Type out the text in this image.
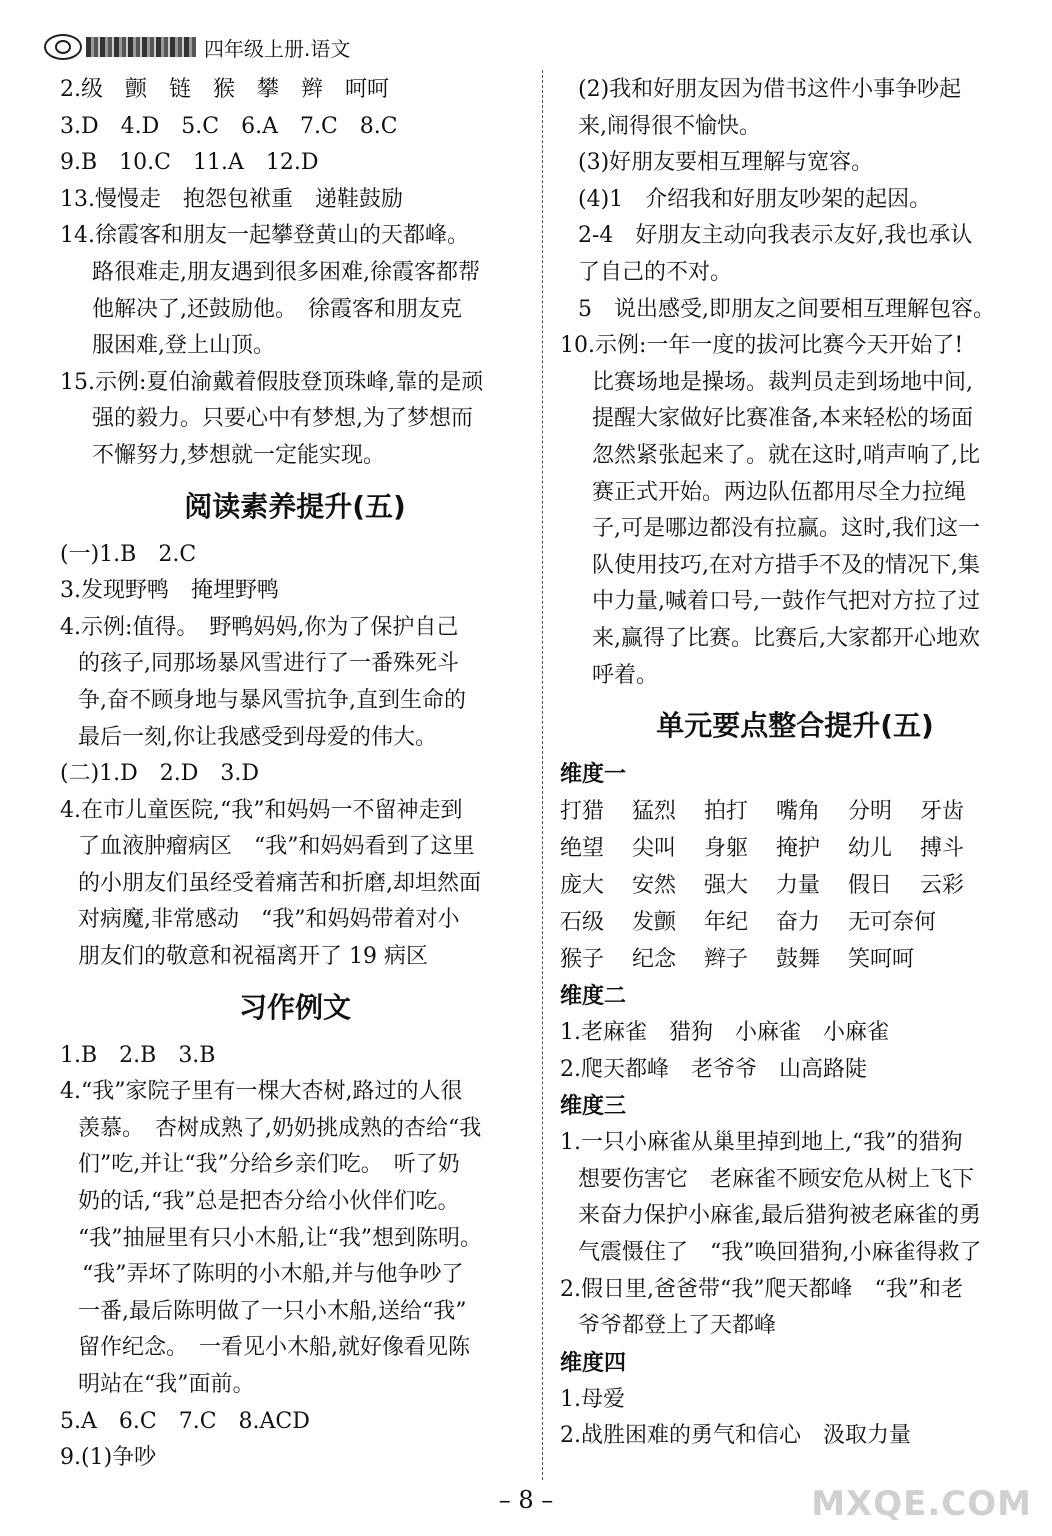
四年级上册.语文
2.级　颤　链　猴　攀　辫　呵呵
3.D　4.D　5.C　6.A　7.C　8.C
9.B　10.C　11.A　12.D
13.慢慢走　抱怨包袱重　递鞋鼓励
14.徐霞客和朋友一起攀登黄山的天都峰。
路很难走,朋友遇到很多困难,徐霞客都帮
他解决了,还鼓励他。　徐霞客和朋友克
服困难,登上山顶。
15.示例:夏伯渝戴着假肢登顶珠峰,靠的是顽
强的毅力。只要心中有梦想,为了梦想而
不懈努力,梦想就一定能实现。
阅读素养提升(五)
(一)1.B　2.C
3.发现野鸭　掩埋野鸭
4.示例:值得。　野鸭妈妈,你为了保护自己
的孩子,同那场暴风雪进行了一番殊死斗
争,奋不顾身地与暴风雪抗争,直到生命的
最后一刻,你让我感受到母爱的伟大。
(二)1.D　2.D　3.D
4.在市儿童医院,“我”和妈妈一不留神走到
了血液肿瘤病区　“我”和妈妈看到了这里
的小朋友们虽经受着痛苦和折磨,却坦然面
对病魔,非常感动　“我”和妈妈带着对小
朋友们的敬意和祝福离开了 19 病区
习作例文
1.B　2.B　3.B
4.“我”家院子里有一棵大杏树,路过的人很
羡慕。　杏树成熟了,奶奶挑成熟的杏给“我
们”吃,并让“我”分给乡亲们吃。　听了奶
奶的话,“我”总是把杏分给小伙伴们吃。
“我”抽屉里有只小木船,让“我”想到陈明。
“我”弄坏了陈明的小木船,并与他争吵了
一番,最后陈明做了一只小木船,送给“我”
留作纪念。　一看见小木船,就好像看见陈
明站在“我”面前。
5.A　6.C　7.C　8.ACD
9.(1)争吵
(2)我和好朋友因为借书这件小事争吵起
来,闹得很不愉快。
(3)好朋友要相互理解与宽容。
(4)1　介绍我和好朋友吵架的起因。
2-4　好朋友主动向我表示友好,我也承认
了自己的不对。
5　说出感受,即朋友之间要相互理解包容。
10.示例:一年一度的拔河比赛今天开始了!
比赛场地是操场。裁判员走到场地中间,
提醒大家做好比赛准备,本来轻松的场面
忽然紧张起来了。就在这时,哨声响了,比
赛正式开始。两边队伍都用尽全力拉绳
子,可是哪边都没有拉赢。这时,我们这一
队使用技巧,在对方措手不及的情况下,集
中力量,喊着口号,一鼓作气把对方拉了过
来,赢得了比赛。比赛后,大家都开心地欢
呼着。
单元要点整合提升(五)
维度一
打猎	猛烈	拍打	嘴角	分明	牙齿
绝望	尖叫	身躯	掩护	幼儿	搏斗
庞大	安然	强大	力量	假日	云彩
石级	发颤	年纪	奋力	无可奈何
猴子	纪念	辫子	鼓舞	笑呵呵
维度二
1.老麻雀　猎狗　小麻雀　小麻雀
2.爬天都峰　老爷爷　山高路陡
维度三
1.一只小麻雀从巢里掉到地上,“我”的猎狗
想要伤害它　老麻雀不顾安危从树上飞下
来奋力保护小麻雀,最后猎狗被老麻雀的勇
气震慑住了　“我”唤回猎狗,小麻雀得救了
2.假日里,爸爸带“我”爬天都峰　“我”和老
爷爷都登上了天都峰
维度四
1.母爱
2.战胜困难的勇气和信心　汲取力量
– 8 –	MXQE.COM
